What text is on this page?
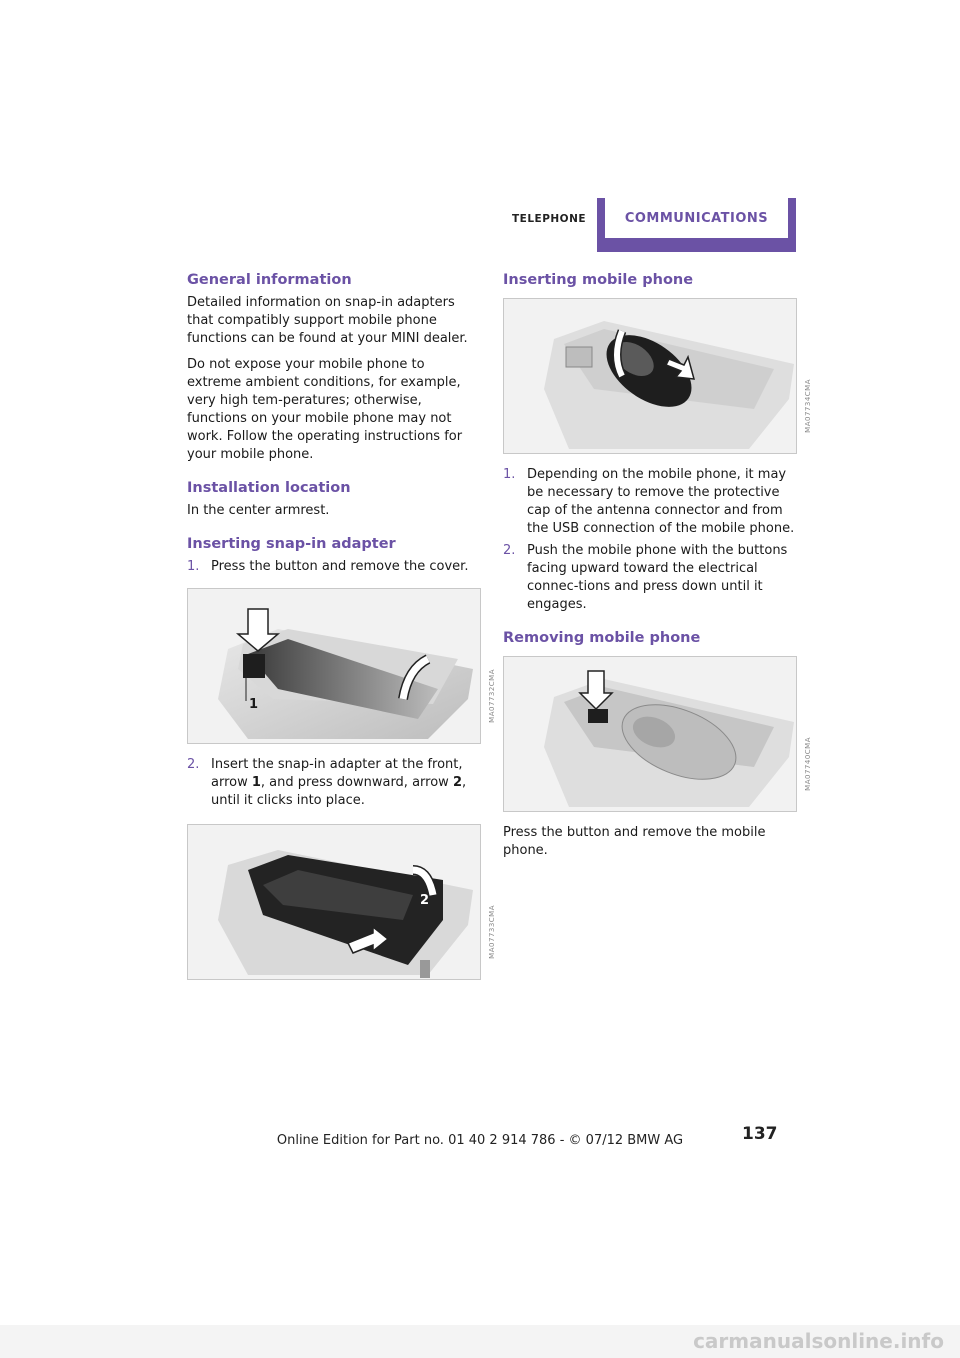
TELEPHONE	COMMUNICATIONS
General information

Detailed information on snap-in adapters that compatibly support mobile phone functions can be found at your MINI dealer.

Do not expose your mobile phone to extreme ambient conditions, for example, very high tem-peratures; otherwise, functions on your mobile phone may not work. Follow the operating instructions for your mobile phone.

Installation location

In the center armrest.

Inserting snap-in adapter
1. Press the button and remove the cover.
1	MA07732CMA
2. Insert the snap-in adapter at the front, arrow 1, and press downward, arrow 2, until it clicks into place.
2
MA07733CMA
Inserting mobile phone
MA07734CMA
1. Depending on the mobile phone, it may be necessary to remove the protective cap of the antenna connector and from the USB connection of the mobile phone.
2. Push the mobile phone with the buttons facing upward toward the electrical connec-tions and press down until it engages.
Removing mobile phone
MA07740CMA

Press the button and remove the mobile phone.

137
Online Edition for Part no. 01 40 2 914 786 - © 07/12 BMW AG
carmanualsonline.info
